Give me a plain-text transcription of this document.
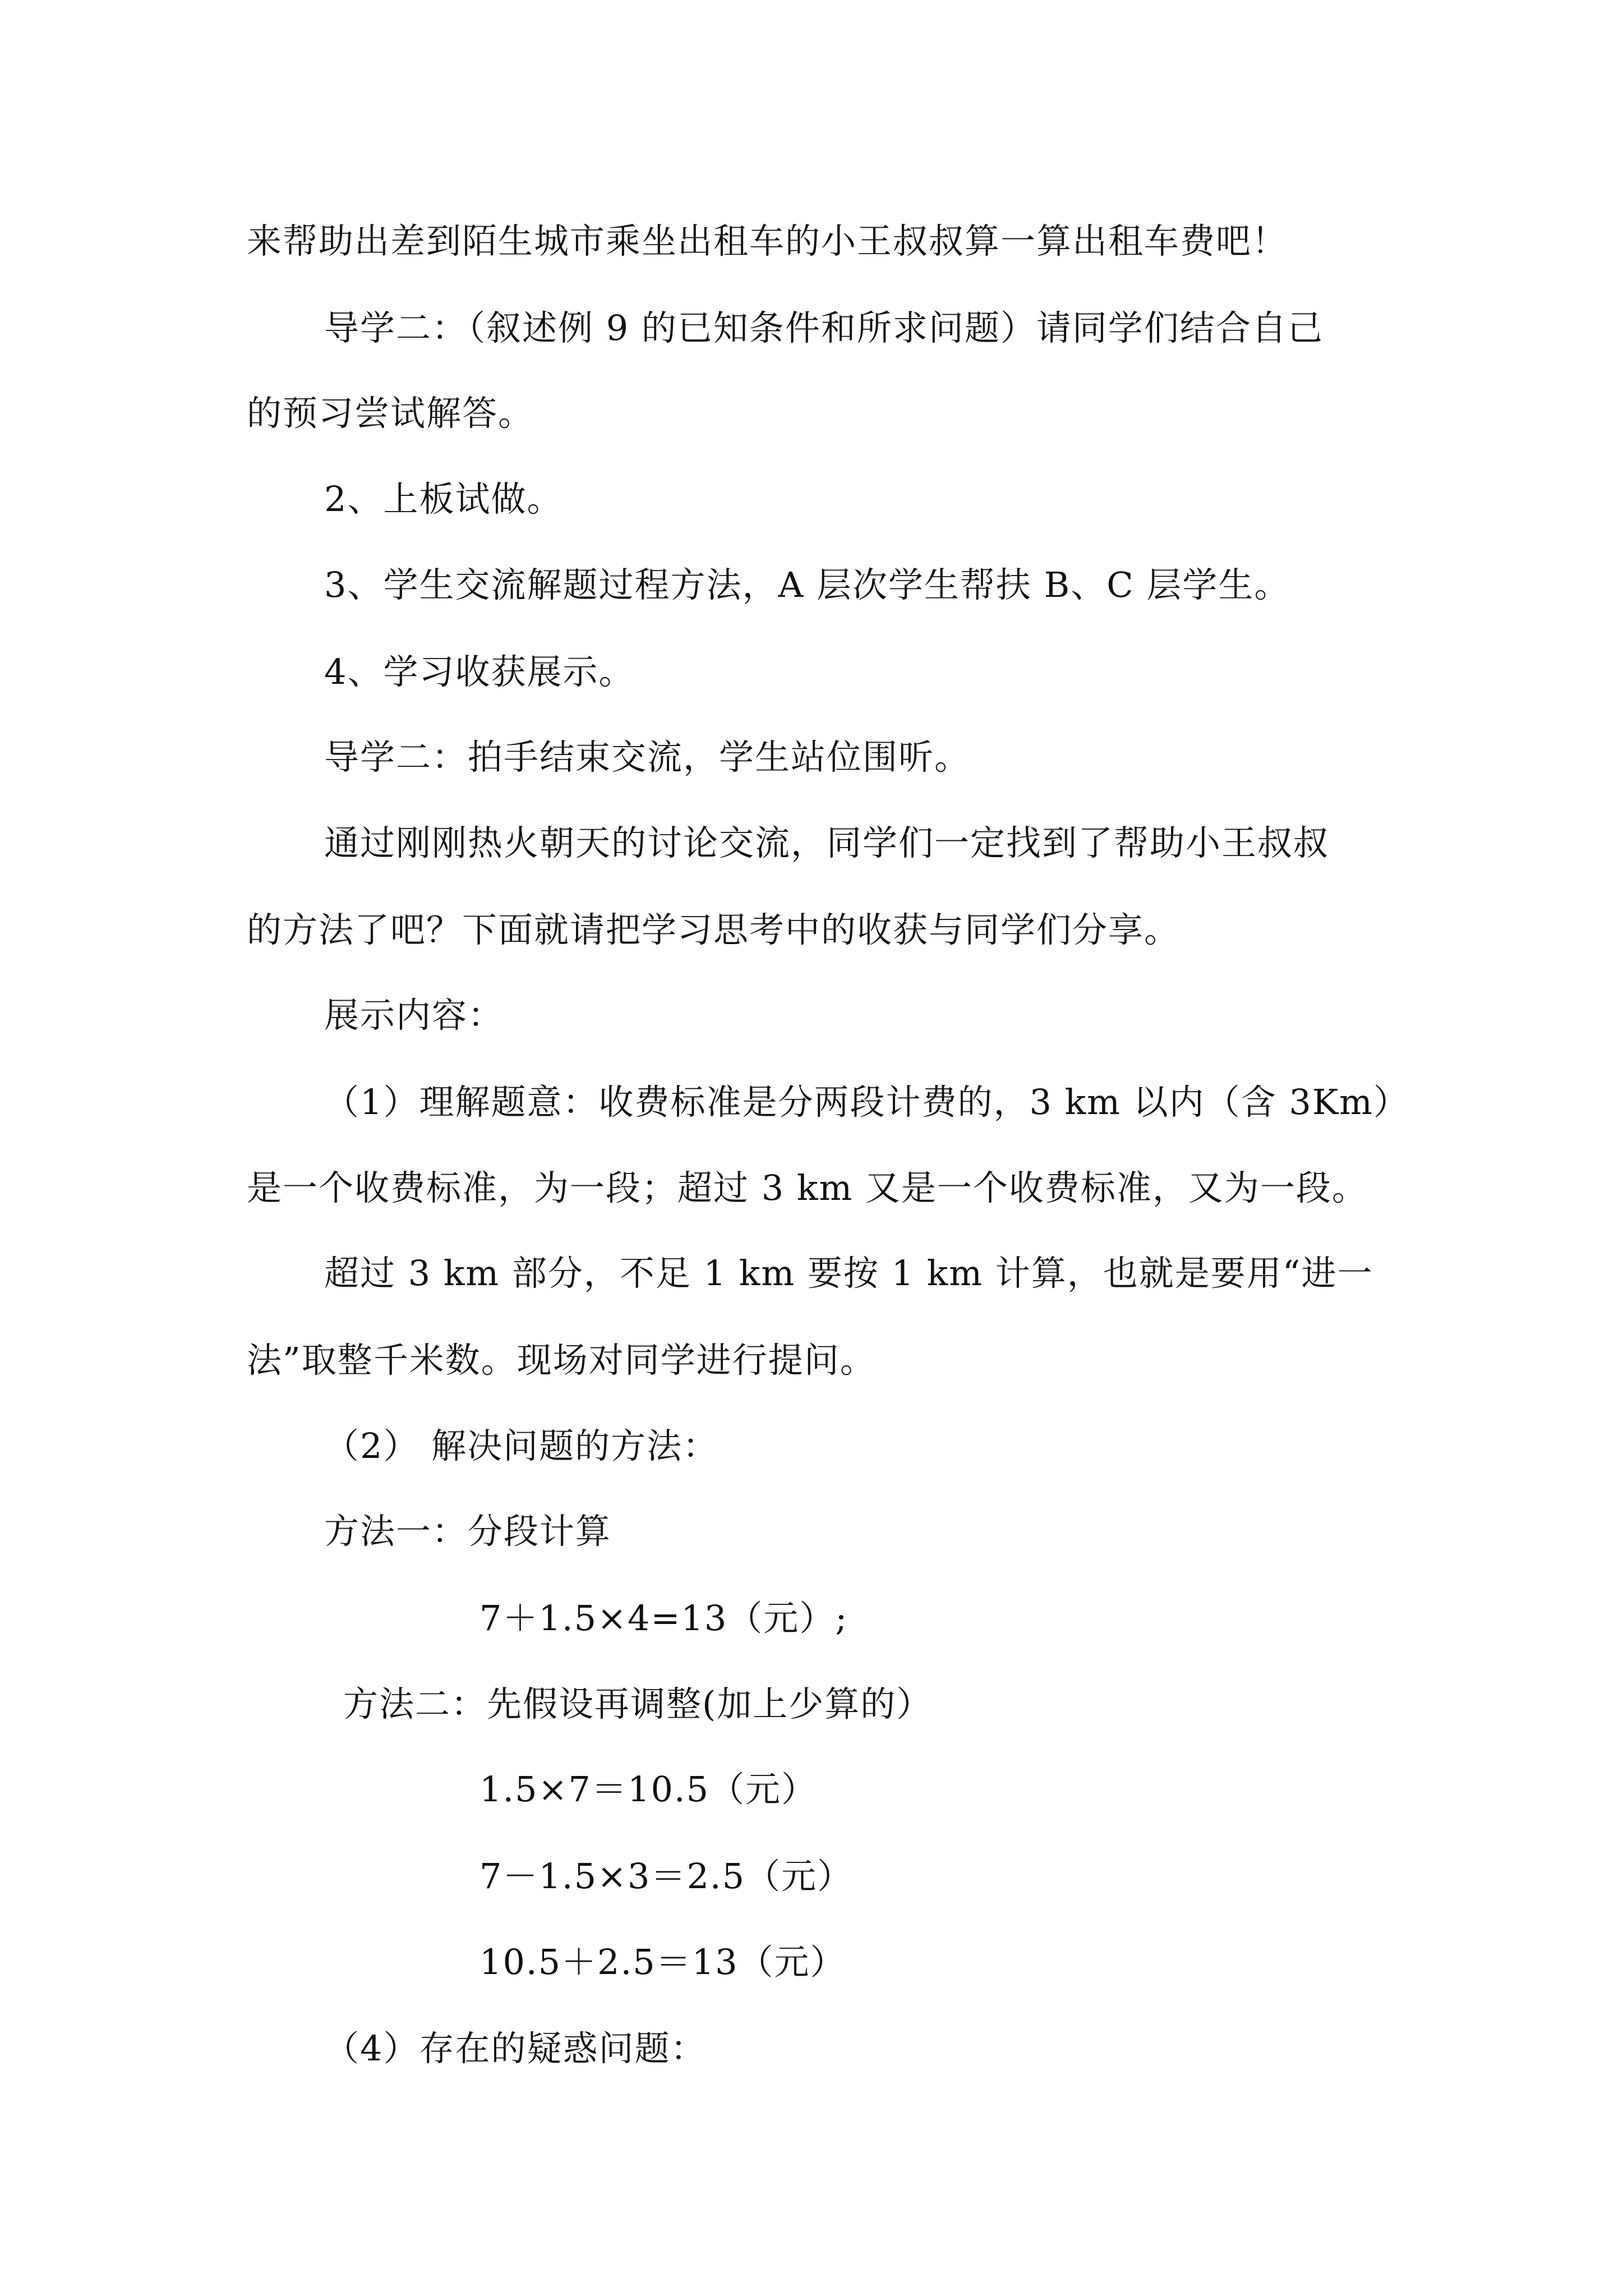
来帮助出差到陌生城市乘坐出租车的小王叔叔算一算出租车费吧！
导学二：（叙述例 9 的已知条件和所求问题）请同学们结合自己
的预习尝试解答。
2、上板试做。
3、学生交流解题过程方法，A 层次学生帮扶 B、C 层学生。
4、学习收获展示。
导学二：拍手结束交流，学生站位围听。
通过刚刚热火朝天的讨论交流，同学们一定找到了帮助小王叔叔
的方法了吧？下面就请把学习思考中的收获与同学们分享。
展示内容：
（1）理解题意：收费标准是分两段计费的，3 km 以内（含 3Km）
是一个收费标准，为一段；超过 3 km 又是一个收费标准，又为一段。
超过 3 km 部分，不足 1 km 要按 1 km 计算，也就是要用“进一
法”取整千米数。现场对同学进行提问。
（2） 解决问题的方法：
方法一：分段计算
7＋1.5×4=13（元）;
方法二：先假设再调整(加上少算的）
1.5×7＝10.5（元）
7－1.5×3＝2.5（元）
10.5＋2.5＝13（元）
（4）存在的疑惑问题：
